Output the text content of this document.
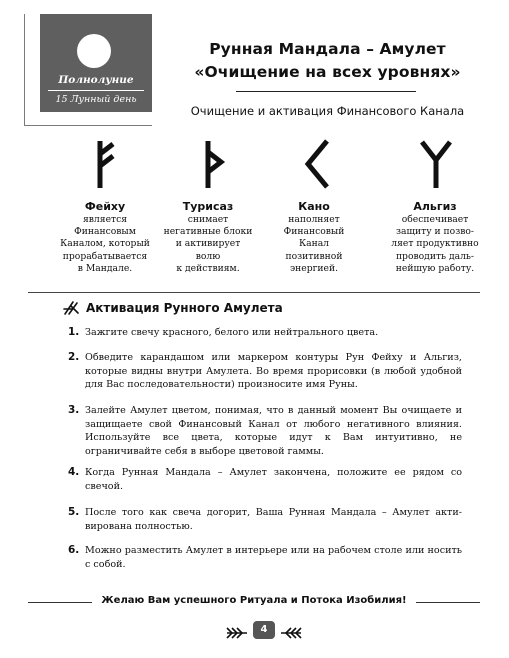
Полнолуние
15 Лунный день
Рунная Мандала – Амулет
«Очищение на всех уровнях»
Очищение и активация Финансового Канала
Фейху
является
Финансовым
Каналом, который
прорабатывается
в Мандале.
Турисаз
снимает
негативные блоки
и активирует
волю
к действиям.
Кано
наполняет
Финансовый
Канал
позитивной
энергией.
Альгиз
обеспечивает
защиту и позво-
ляет продуктивно
проводить даль-
нейшую работу.
Активация Рунного Амулета
1. Зажгите свечу красного, белого или нейтрального цвета.
2. Обведите карандашом или маркером контуры Рун Фейху и Альгиз, которые видны внутри Амулета. Во время прорисовки (в любой удобной для Вас последовательности) произносите имя Руны.
3. Залейте Амулет цветом, понимая, что в данный момент Вы очищаете и защищаете свой Финансовый Канал от любого негативного влияния. Используйте все цвета, которые идут к Вам интуитивно, не ограничивайте себя в выборе цветовой гаммы.
4. Когда Рунная Мандала – Амулет закончена, положите ее рядом со свечой.
5. После того как свеча догорит, Ваша Рунная Мандала – Амулет активирована полностью.
6. Можно разместить Амулет в интерьере или на рабочем столе или носить с собой.
Желаю Вам успешного Ритуала и Потока Изобилия!
4
